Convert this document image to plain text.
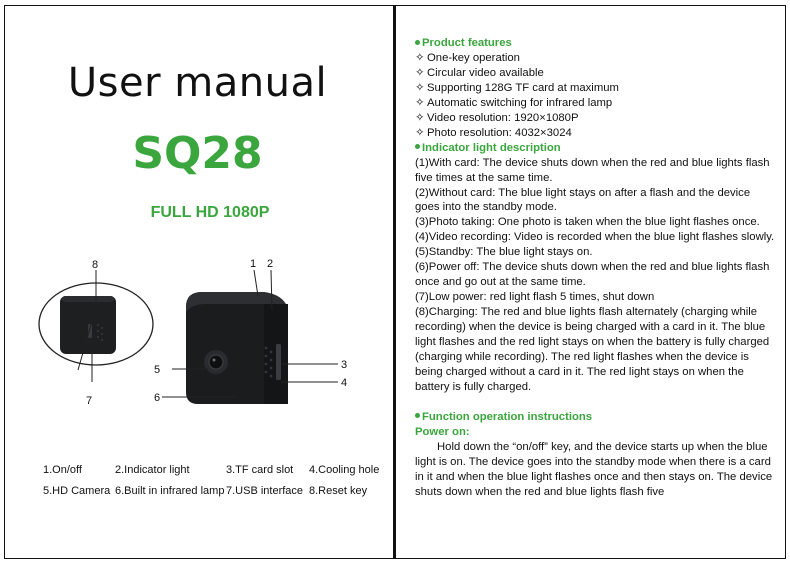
User manual
SQ28
FULL HD 1080P
1 2
3
4
5
6
7
8
1.On/off	2.Indicator light	3.TF card slot 4.Cooling hole
5.HD Camera 6.Built in infrared lamp 7.USB interface 8.Reset key

Product features

✧ One-key operation

✧ Circular video available

✧ Supporting 128G TF card at maximum

✧ Automatic switching for infrared lamp

✧ Video resolution: 1920×1080P

✧ Photo resolution: 4032×3024

Indicator light description

(1)With card: The device shuts down when the red and blue lights flash five times at the same time.

(2)Without card: The blue light stays on after a flash and the device goes into the standby mode.

(3)Photo taking: One photo is taken when the blue light flashes once.

(4)Video recording: Video is recorded when the blue light flashes slowly.

(5)Standby: The blue light stays on.

(6)Power off: The device shuts down when the red and blue lights flash once and go out at the same time.

(7)Low power: red light flash 5 times, shut down

(8)Charging: The red and blue lights flash alternately (charging while recording) when the device is being charged with a card in it. The blue light flashes and the red light stays on when the battery is fully charged (charging while recording). The red light flashes when the device is being charged without a card in it. The red light stays on when the battery is fully charged.

Function operation instructions

Power on:

Hold down the “on/off” key, and the device starts up when the blue light is on. The device goes into the standby mode when there is a card in it and when the blue light flashes once and then stays on. The device shuts down when the red and blue lights flash five
